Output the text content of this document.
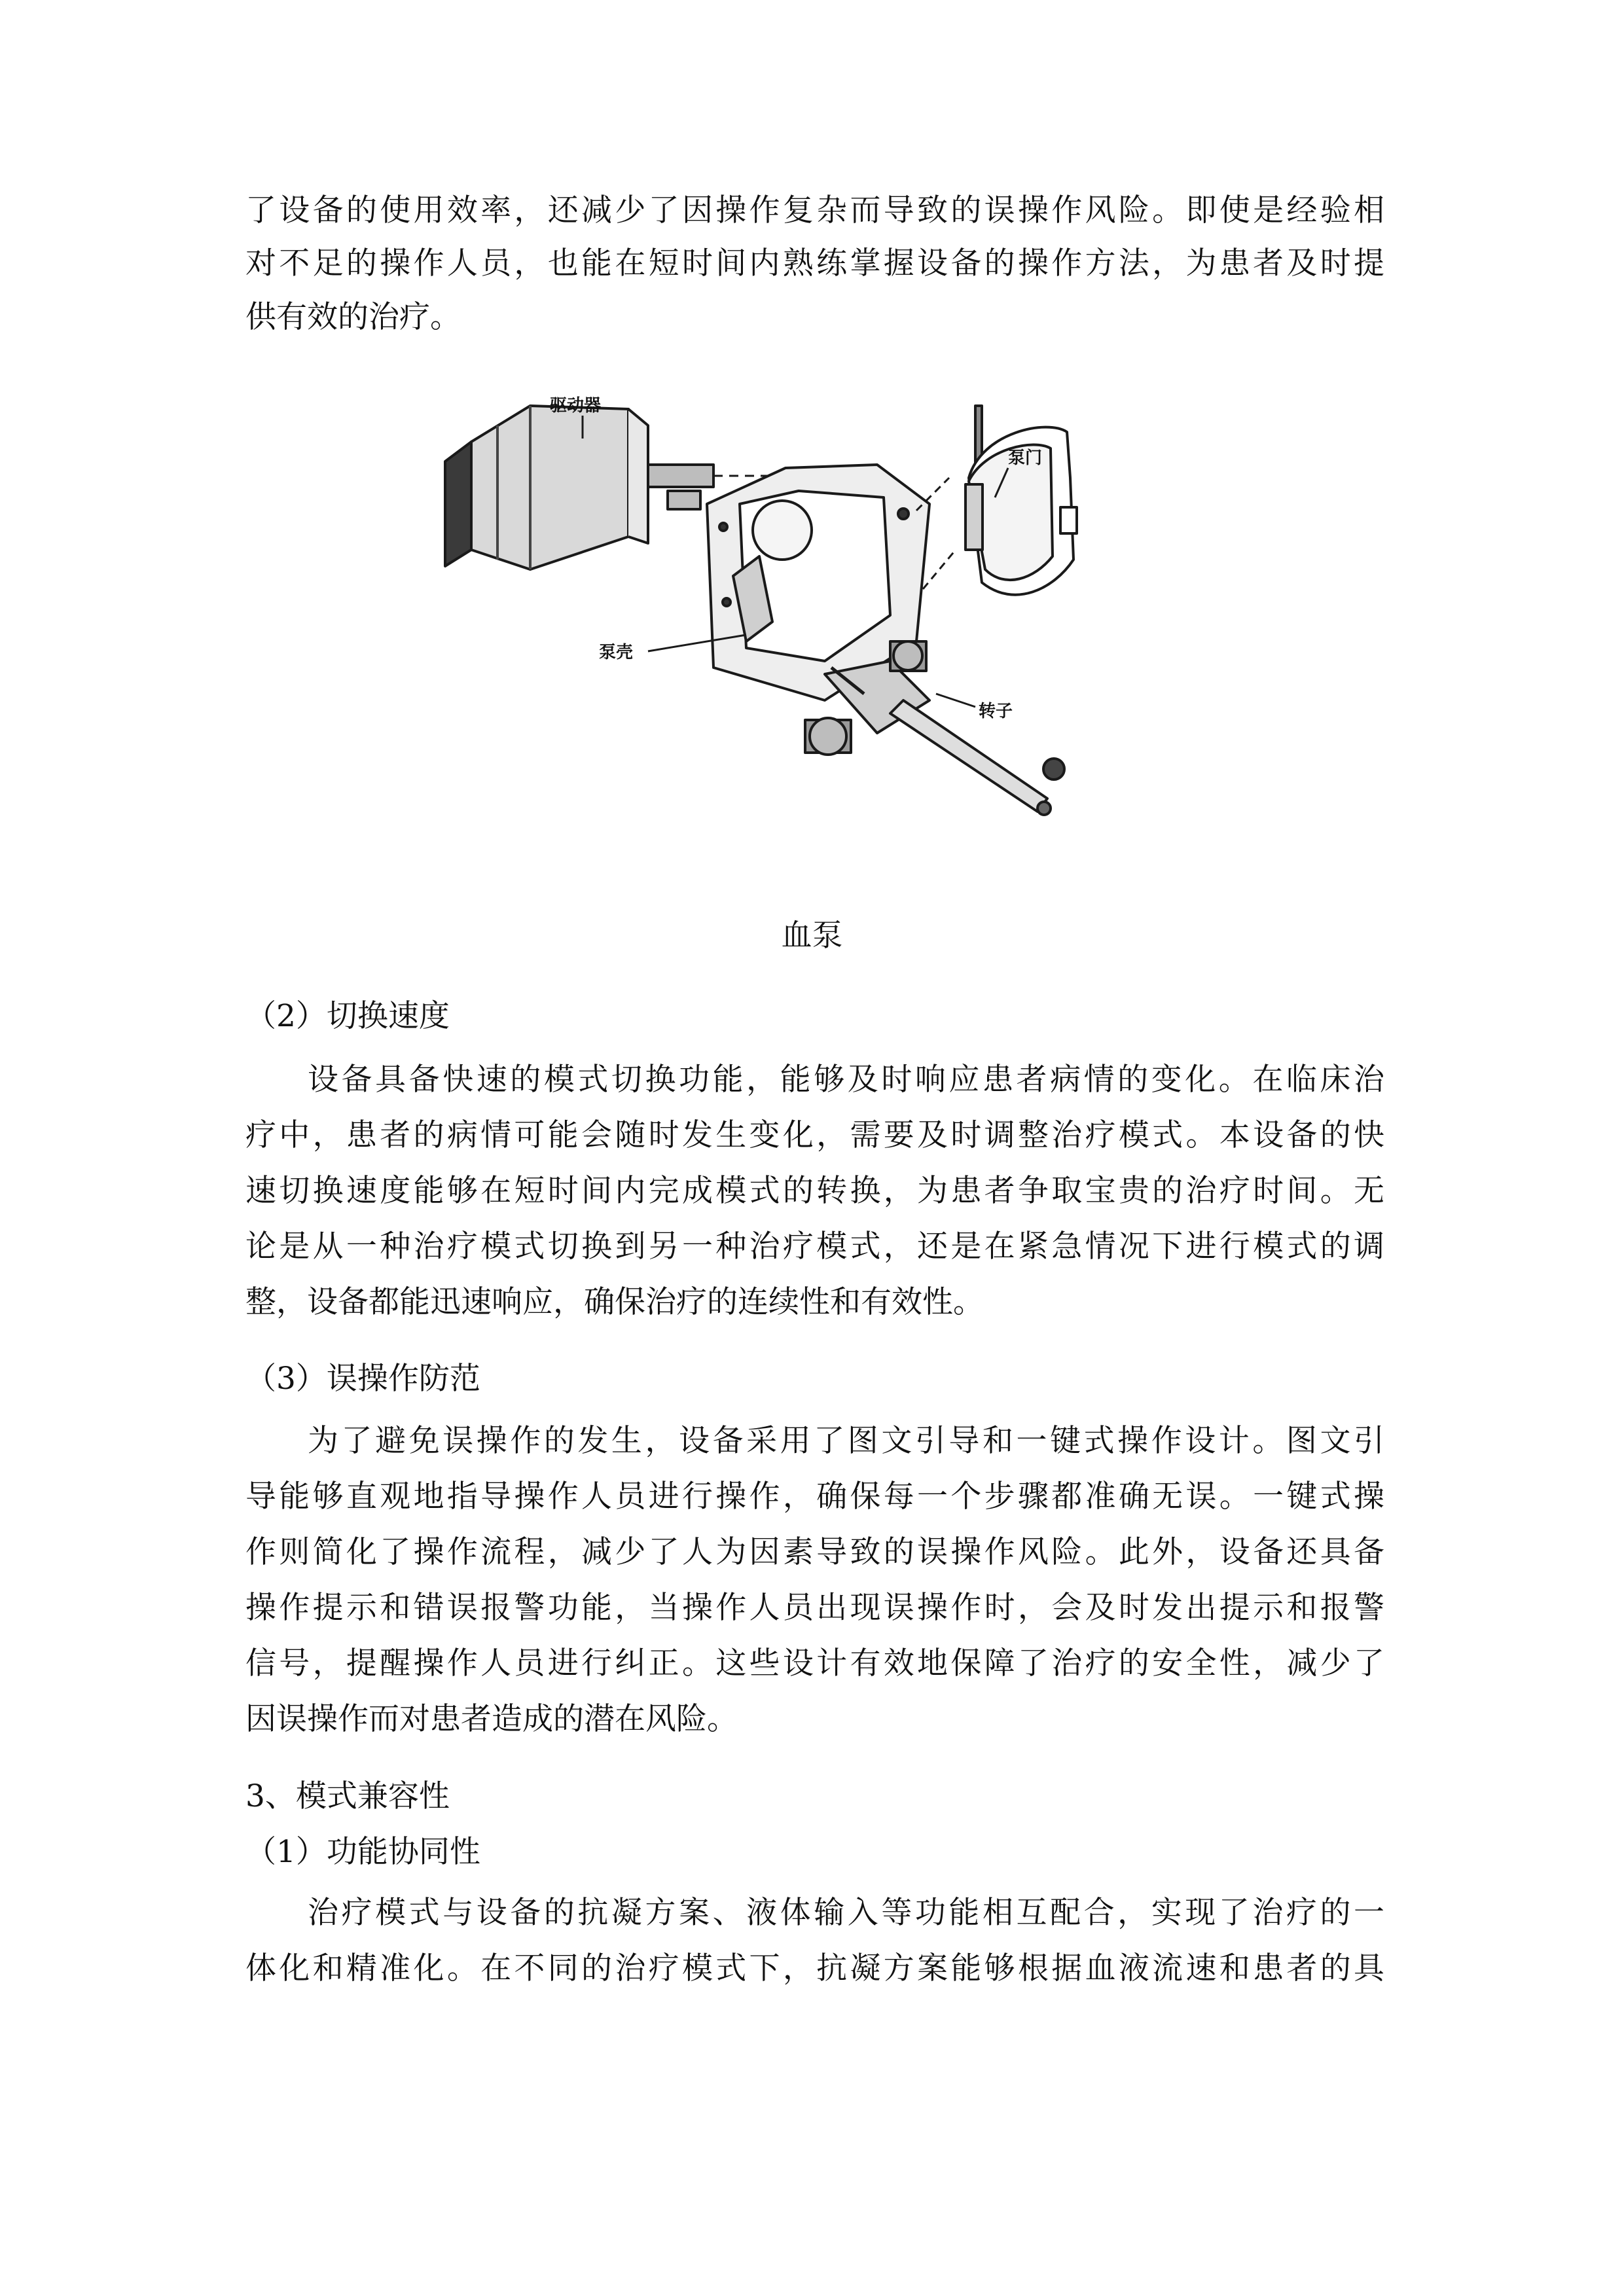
了设备的使用效率，还减少了因操作复杂而导致的误操作风险。即使是经验相
对不足的操作人员，也能在短时间内熟练掌握设备的操作方法，为患者及时提
供有效的治疗。
驱动器
泵门
泵壳
转子
血泵
（2）切换速度
设备具备快速的模式切换功能，能够及时响应患者病情的变化。在临床治
疗中，患者的病情可能会随时发生变化，需要及时调整治疗模式。本设备的快
速切换速度能够在短时间内完成模式的转换，为患者争取宝贵的治疗时间。无
论是从一种治疗模式切换到另一种治疗模式，还是在紧急情况下进行模式的调
整，设备都能迅速响应，确保治疗的连续性和有效性。
（3）误操作防范
为了避免误操作的发生，设备采用了图文引导和一键式操作设计。图文引
导能够直观地指导操作人员进行操作，确保每一个步骤都准确无误。一键式操
作则简化了操作流程，减少了人为因素导致的误操作风险。此外，设备还具备
操作提示和错误报警功能，当操作人员出现误操作时，会及时发出提示和报警
信号，提醒操作人员进行纠正。这些设计有效地保障了治疗的安全性，减少了
因误操作而对患者造成的潜在风险。
3、模式兼容性
（1）功能协同性
治疗模式与设备的抗凝方案、液体输入等功能相互配合，实现了治疗的一
体化和精准化。在不同的治疗模式下，抗凝方案能够根据血液流速和患者的具
